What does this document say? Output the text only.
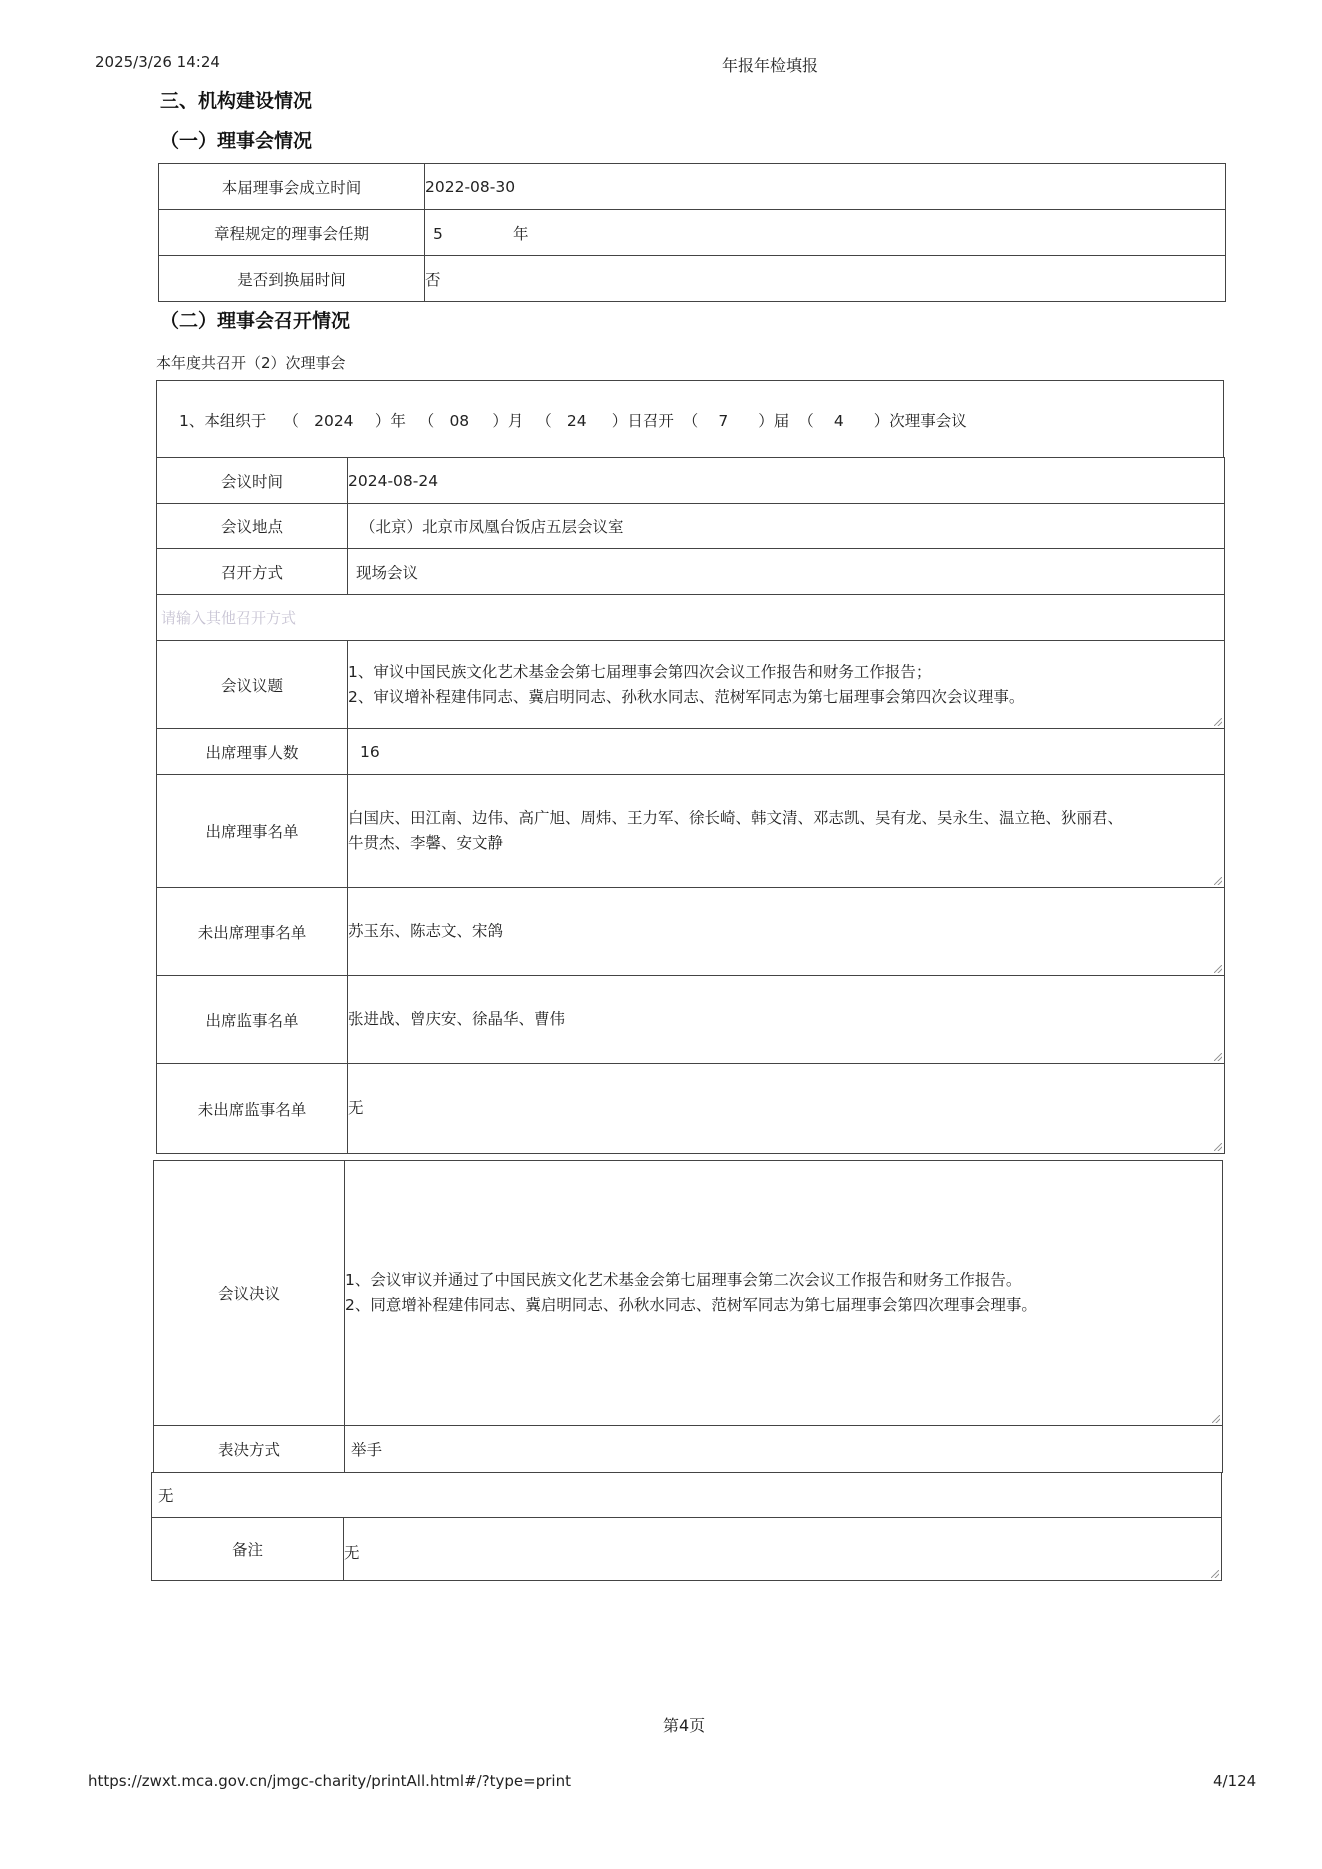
2025/3/26 14:24	年报年检填报
三、机构建设情况
（一）理事会情况
本届理事会成立时间	2022-08-30
章程规定的理事会任期	5 年
是否到换届时间	否
（二）理事会召开情况
本年度共召开（2）次理事会
1、本组织于 （ 2024 ）年 （ 08 ）月 （ 24 ）日召开 （ 7 ）届 （ 4 ）次理事会议
会议时间	2024-08-24
会议地点	（北京）北京市凤凰台饭店五层会议室
召开方式	现场会议
请输入其他召开方式	
会议议题	1、审议中国民族文化艺术基金会第七届理事会第四次会议工作报告和财务工作报告；
2、审议增补程建伟同志、冀启明同志、孙秋水同志、范树军同志为第七届理事会第四次会议理事。

出席理事人数	16
出席理事名单	白国庆、田江南、边伟、高广旭、周炜、王力军、徐长崎、韩文清、邓志凯、吴有龙、吴永生、温立艳、狄丽君、
牛贯杰、李馨、安文静

未出席理事名单	苏玉东、陈志文、宋鸽

出席监事名单	张进战、曾庆安、徐晶华、曹伟

未出席监事名单	无
会议决议	1、会议审议并通过了中国民族文化艺术基金会第七届理事会第二次会议工作报告和财务工作报告。
2、同意增补程建伟同志、冀启明同志、孙秋水同志、范树军同志为第七届理事会第四次理事会理事。

表决方式	举手
无
备注	无
第4页
https://zwxt.mca.gov.cn/jmgc-charity/printAll.html#/?type=print	4/124
